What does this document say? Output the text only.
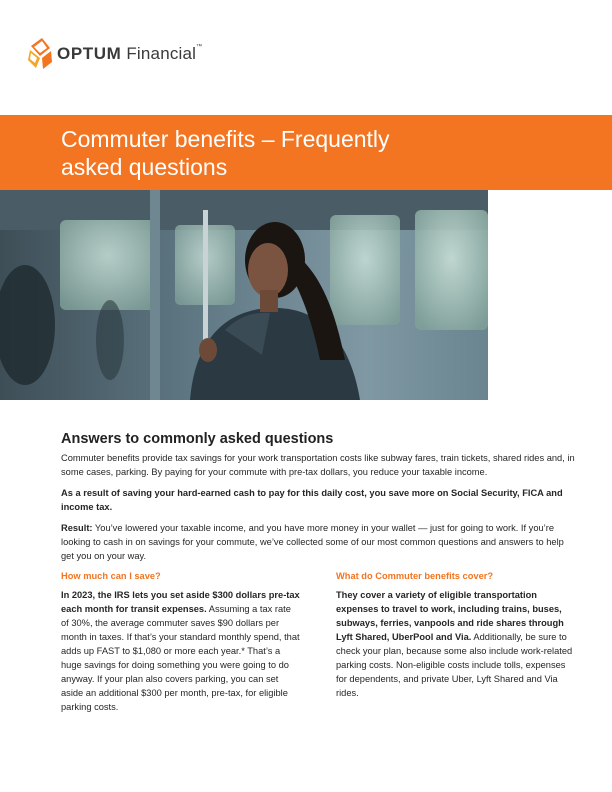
OPTUM Financial™
Commuter benefits – Frequently
asked questions
Answers to commonly asked questions

Commuter benefits provide tax savings for your work transportation costs like subway fares, train tickets, shared rides and, in some cases, parking. By paying for your commute with pre-tax dollars, you reduce your taxable income.

As a result of saving your hard-earned cash to pay for this daily cost, you save more on Social Security, FICA and income tax.

Result: You’ve lowered your taxable income, and you have more money in your wallet — just for going to work. If you’re looking to cash in on savings for your commute, we’ve collected some of our most common questions and answers to help get you on your way.

How much can I save?

In 2023, the IRS lets you set aside $300 dollars pre-tax each month for transit expenses. Assuming a tax rate of 30%, the average commuter saves $90 dollars per month in taxes. If that’s your standard monthly spend, that adds up FAST to $1,080 or more each year.* That’s a huge savings for doing something you were going to do anyway. If your plan also covers parking, you can set aside an additional $300 per month, pre-tax, for eligible parking costs.

What do Commuter benefits cover?

They cover a variety of eligible transportation expenses to travel to work, including trains, buses, subways, ferries, vanpools and ride shares through Lyft Shared, UberPool and Via. Additionally, be sure to check your plan, because some also include work-related parking costs. Non-eligible costs include tolls, expenses for dependents, and private Uber, Lyft Shared and Via rides.
